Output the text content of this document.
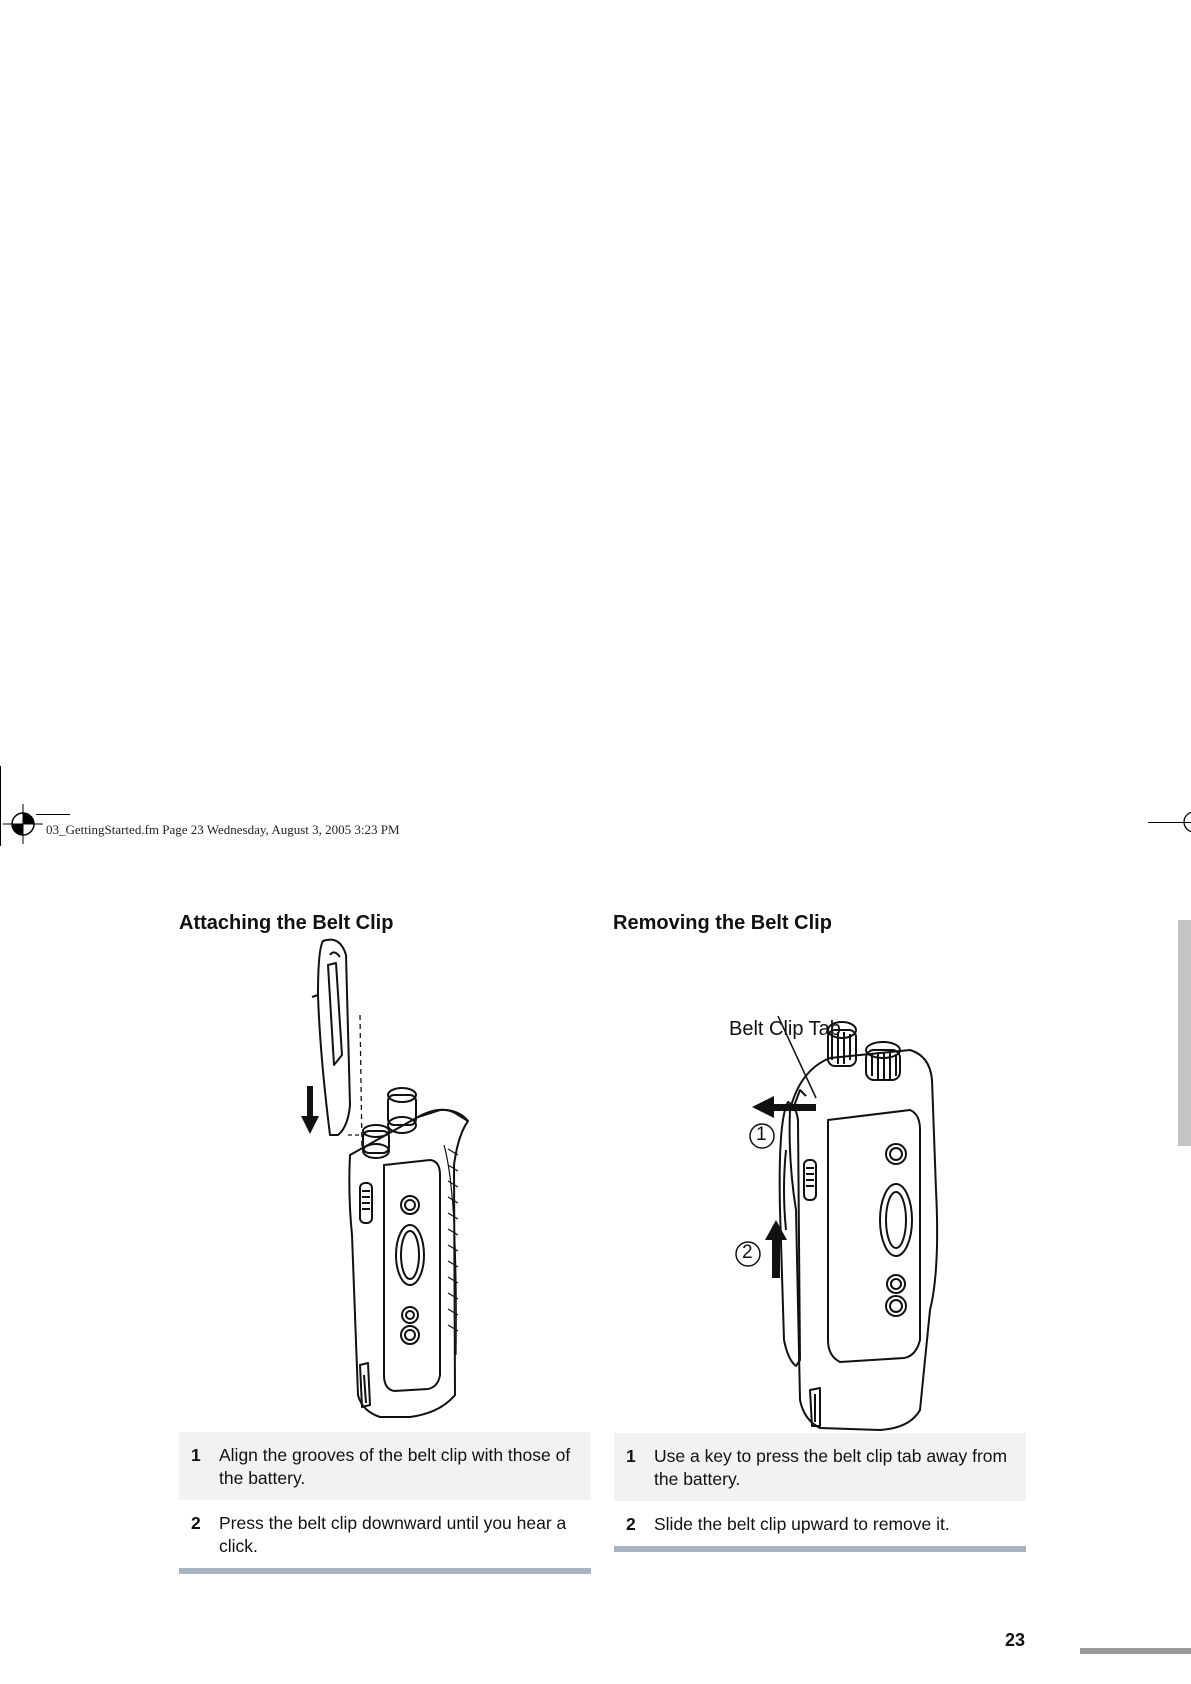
03_GettingStarted.fm Page 23 Wednesday, August 3, 2005 3:23 PM
Attaching the Belt Clip
1	Align the grooves of the belt clip with those of the battery.
2	Press the belt clip downward until you hear a click.
Removing the Belt Clip
Belt Clip Tab
1
2
1	Use a key to press the belt clip tab away from the battery.
2	Slide the belt clip upward to remove it.
23
